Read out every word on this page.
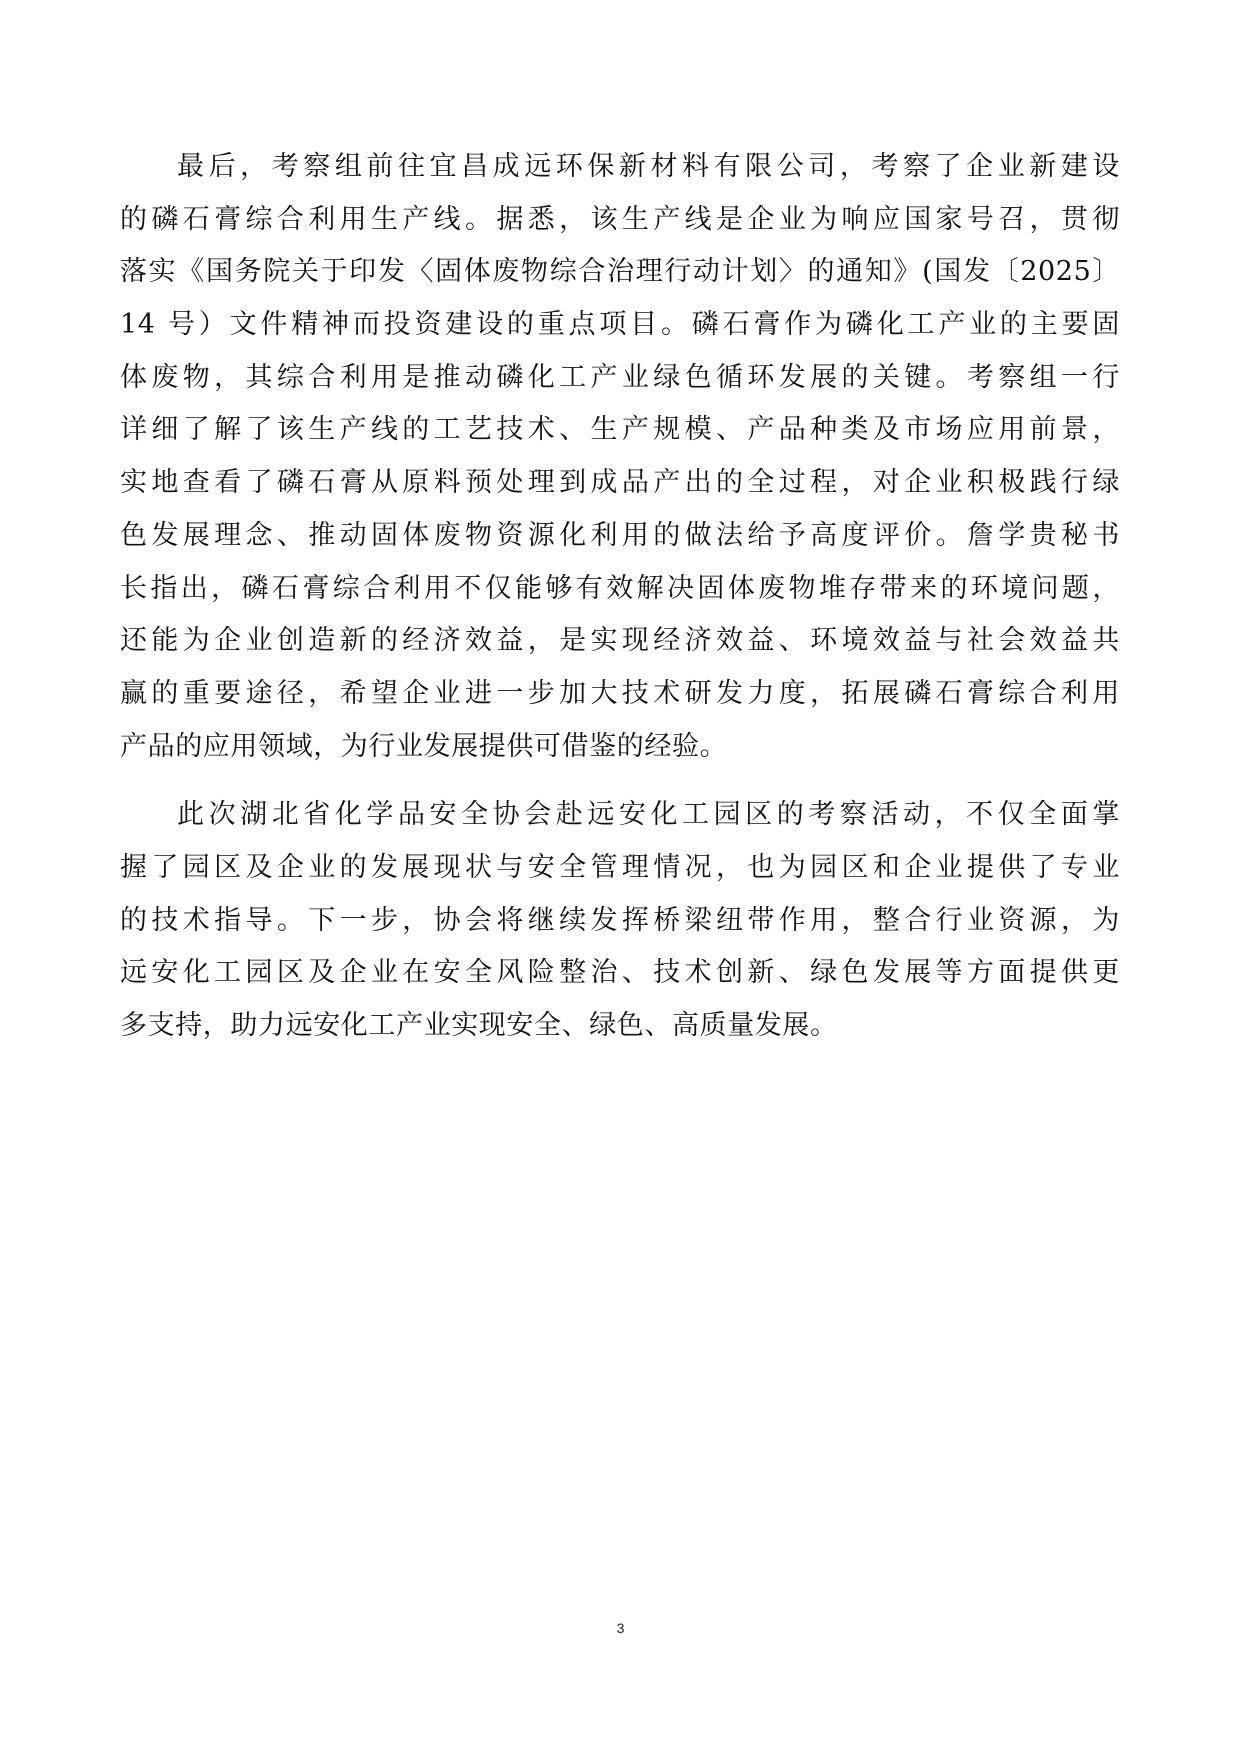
最后，考察组前往宜昌成远环保新材料有限公司，考察了企业新建设
的磷石膏综合利用生产线。据悉，该生产线是企业为响应国家号召，贯彻
落实《国务院关于印发〈固体废物综合治理行动计划〉的通知》(国发〔2025〕
14 号）文件精神而投资建设的重点项目。磷石膏作为磷化工产业的主要固
体废物，其综合利用是推动磷化工产业绿色循环发展的关键。考察组一行
详细了解了该生产线的工艺技术、生产规模、产品种类及市场应用前景，
实地查看了磷石膏从原料预处理到成品产出的全过程，对企业积极践行绿
色发展理念、推动固体废物资源化利用的做法给予高度评价。詹学贵秘书
长指出，磷石膏综合利用不仅能够有效解决固体废物堆存带来的环境问题，
还能为企业创造新的经济效益，是实现经济效益、环境效益与社会效益共
赢的重要途径，希望企业进一步加大技术研发力度，拓展磷石膏综合利用
产品的应用领域，为行业发展提供可借鉴的经验。

此次湖北省化学品安全协会赴远安化工园区的考察活动，不仅全面掌
握了园区及企业的发展现状与安全管理情况，也为园区和企业提供了专业
的技术指导。下一步，协会将继续发挥桥梁纽带作用，整合行业资源，为
远安化工园区及企业在安全风险整治、技术创新、绿色发展等方面提供更
多支持，助力远安化工产业实现安全、绿色、高质量发展。

3
